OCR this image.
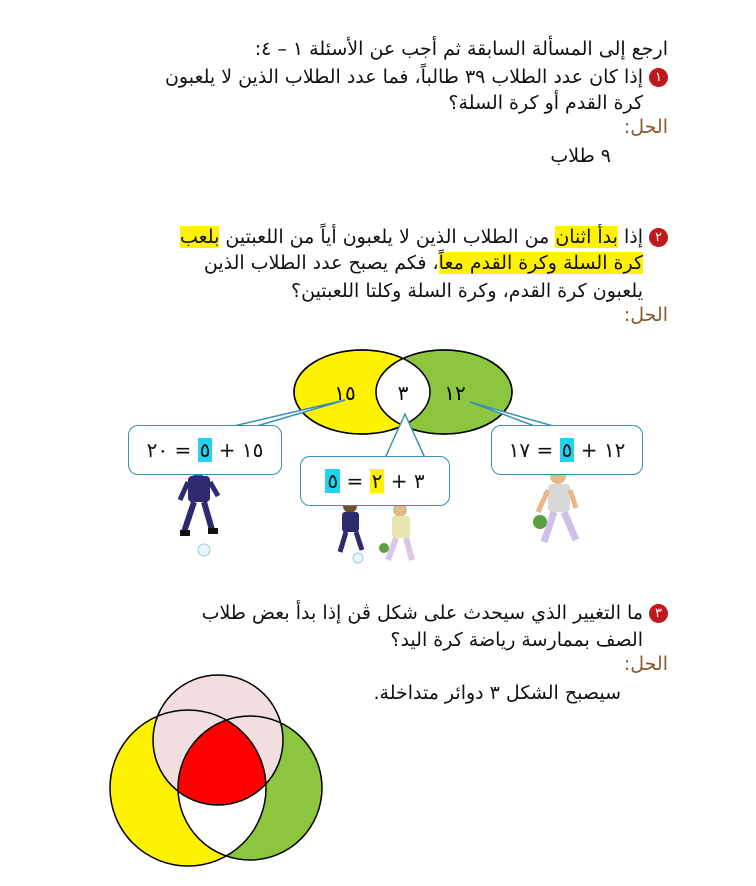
ارجع إلى المسألة السابقة ثم أجب عن الأسئلة ١ – ٤:
١إذا كان عدد الطلاب ٣٩ طالباً، فما عدد الطلاب الذين لا يلعبون
كرة القدم أو كرة السلة؟
الحل:
٩ طلاب
٢إذا بدأ اثنان من الطلاب الذين لا يلعبون أياً من اللعبتين بلعب
كرة السلة وكرة القدم معاً، فكم يصبح عدد الطلاب الذين
يلعبون كرة القدم، وكرة السلة وكلتا اللعبتين؟
الحل:
١٥ ٣ ١٢
١٥ + ٥ = ٢٠
٣ + ٢ = ٥
١٢ + ٥ = ١٧
٣ما التغيير الذي سيحدث على شكل ڤن إذا بدأ بعض طلاب
الصف بممارسة رياضة كرة اليد؟
الحل:
سيصبح الشكل ٣ دوائر متداخلة.
